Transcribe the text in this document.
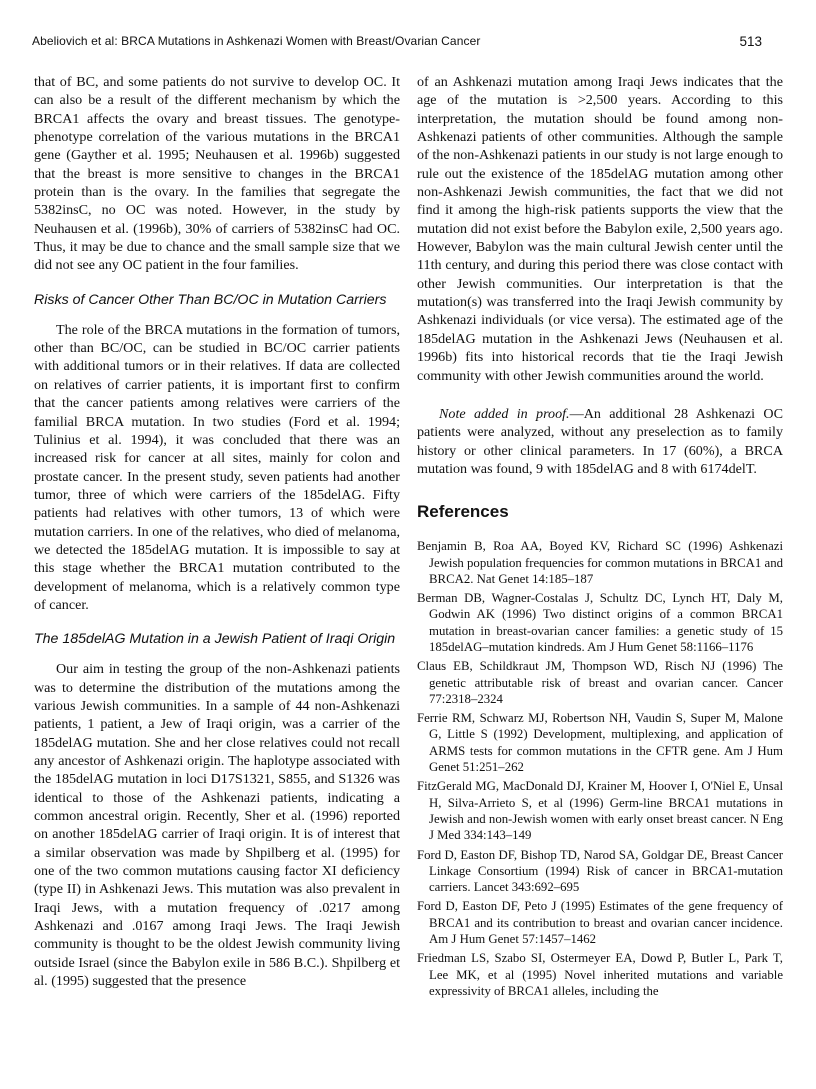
Abeliovich et al: BRCA Mutations in Ashkenazi Women with Breast/Ovarian Cancer	513

that of BC, and some patients do not survive to develop OC. It can also be a result of the different mechanism by which the BRCA1 affects the ovary and breast tissues. The genotype-phenotype correlation of the various mutations in the BRCA1 gene (Gayther et al. 1995; Neuhausen et al. 1996b) suggested that the breast is more sensitive to changes in the BRCA1 protein than is the ovary. In the families that segregate the 5382insC, no OC was noted. However, in the study by Neuhausen et al. (1996b), 30% of carriers of 5382insC had OC. Thus, it may be due to chance and the small sample size that we did not see any OC patient in the four families.

Risks of Cancer Other Than BC/OC in Mutation Carriers

The role of the BRCA mutations in the formation of tumors, other than BC/OC, can be studied in BC/OC carrier patients with additional tumors or in their relatives. If data are collected on relatives of carrier patients, it is important first to confirm that the cancer patients among relatives were carriers of the familial BRCA mutation. In two studies (Ford et al. 1994; Tulinius et al. 1994), it was concluded that there was an increased risk for cancer at all sites, mainly for colon and prostate cancer. In the present study, seven patients had another tumor, three of which were carriers of the 185delAG. Fifty patients had relatives with other tumors, 13 of which were mutation carriers. In one of the relatives, who died of melanoma, we detected the 185delAG mutation. It is impossible to say at this stage whether the BRCA1 mutation contributed to the development of melanoma, which is a relatively common type of cancer.

The 185delAG Mutation in a Jewish Patient of Iraqi Origin

Our aim in testing the group of the non-Ashkenazi patients was to determine the distribution of the mutations among the various Jewish communities. In a sample of 44 non-Ashkenazi patients, 1 patient, a Jew of Iraqi origin, was a carrier of the 185delAG mutation. She and her close relatives could not recall any ancestor of Ashkenazi origin. The haplotype associated with the 185delAG mutation in loci D17S1321, S855, and S1326 was identical to those of the Ashkenazi patients, indicating a common ancestral origin. Recently, Sher et al. (1996) reported on another 185delAG carrier of Iraqi origin. It is of interest that a similar observation was made by Shpilberg et al. (1995) for one of the two common mutations causing factor XI deficiency (type II) in Ashkenazi Jews. This mutation was also prevalent in Iraqi Jews, with a mutation frequency of .0217 among Ashkenazi and .0167 among Iraqi Jews. The Iraqi Jewish community is thought to be the oldest Jewish community living outside Israel (since the Babylon exile in 586 B.C.). Shpilberg et al. (1995) suggested that the presence

of an Ashkenazi mutation among Iraqi Jews indicates that the age of the mutation is >2,500 years. According to this interpretation, the mutation should be found among non-Ashkenazi patients of other communities. Although the sample of the non-Ashkenazi patients in our study is not large enough to rule out the existence of the 185delAG mutation among other non-Ashkenazi Jewish communities, the fact that we did not find it among the high-risk patients supports the view that the mutation did not exist before the Babylon exile, 2,500 years ago. However, Babylon was the main cultural Jewish center until the 11th century, and during this period there was close contact with other Jewish communities. Our interpretation is that the mutation(s) was transferred into the Iraqi Jewish community by Ashkenazi individuals (or vice versa). The estimated age of the 185delAG mutation in the Ashkenazi Jews (Neuhausen et al. 1996b) fits into historical records that tie the Iraqi Jewish community with other Jewish communities around the world.

Note added in proof.—An additional 28 Ashkenazi OC patients were analyzed, without any preselection as to family history or other clinical parameters. In 17 (60%), a BRCA mutation was found, 9 with 185delAG and 8 with 6174delT.

References

Benjamin B, Roa AA, Boyed KV, Richard SC (1996) Ashkenazi Jewish population frequencies for common mutations in BRCA1 and BRCA2. Nat Genet 14:185–187

Berman DB, Wagner-Costalas J, Schultz DC, Lynch HT, Daly M, Godwin AK (1996) Two distinct origins of a common BRCA1 mutation in breast-ovarian cancer families: a genetic study of 15 185delAG–mutation kindreds. Am J Hum Genet 58:1166–1176

Claus EB, Schildkraut JM, Thompson WD, Risch NJ (1996) The genetic attributable risk of breast and ovarian cancer. Cancer 77:2318–2324

Ferrie RM, Schwarz MJ, Robertson NH, Vaudin S, Super M, Malone G, Little S (1992) Development, multiplexing, and application of ARMS tests for common mutations in the CFTR gene. Am J Hum Genet 51:251–262

FitzGerald MG, MacDonald DJ, Krainer M, Hoover I, O'Niel E, Unsal H, Silva-Arrieto S, et al (1996) Germ-line BRCA1 mutations in Jewish and non-Jewish women with early onset breast cancer. N Eng J Med 334:143–149

Ford D, Easton DF, Bishop TD, Narod SA, Goldgar DE, Breast Cancer Linkage Consortium (1994) Risk of cancer in BRCA1-mutation carriers. Lancet 343:692–695

Ford D, Easton DF, Peto J (1995) Estimates of the gene frequency of BRCA1 and its contribution to breast and ovarian cancer incidence. Am J Hum Genet 57:1457–1462

Friedman LS, Szabo SI, Ostermeyer EA, Dowd P, Butler L, Park T, Lee MK, et al (1995) Novel inherited mutations and variable expressivity of BRCA1 alleles, including the
